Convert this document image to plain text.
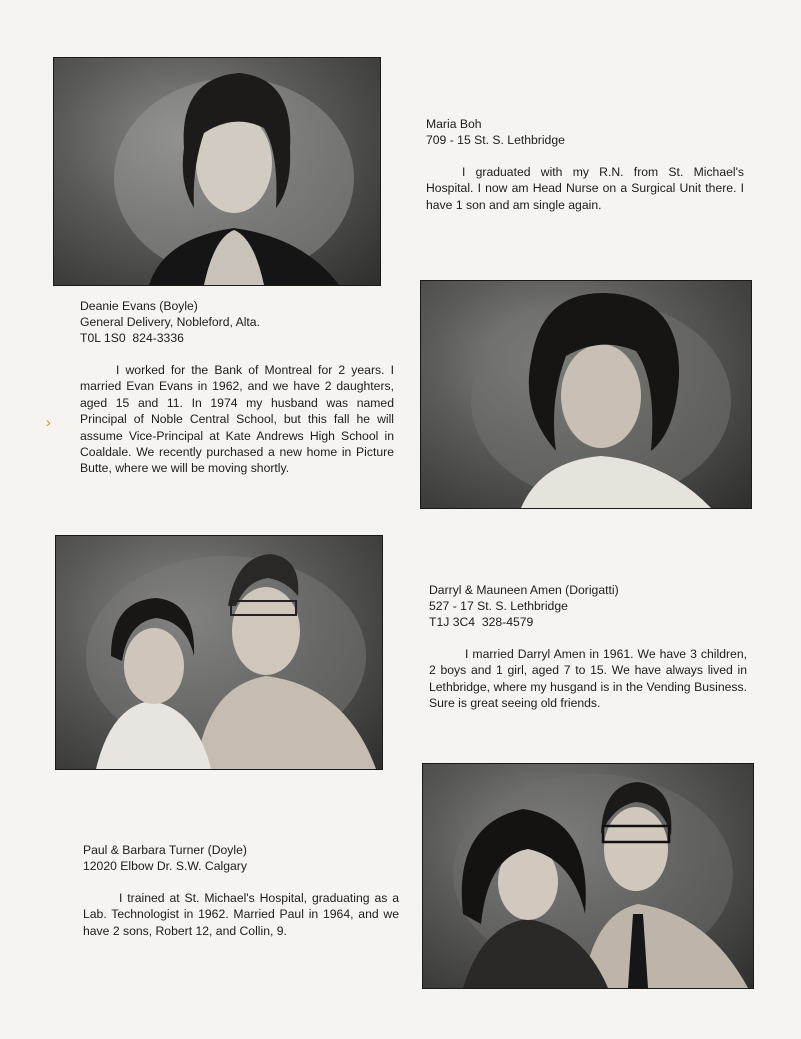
›
Maria Boh
709 - 15 St. S. Lethbridge
I graduated with my R.N. from St. Michael's Hospital. I now am Head Nurse on a Surgical Unit there. I have 1 son and am single again.
Deanie Evans (Boyle)
General Delivery, Nobleford, Alta.
T0L 1S0  824-3336
I worked for the Bank of Montreal for 2 years. I married Evan Evans in 1962, and we have 2 daughters, aged 15 and 11. In 1974 my husband was named Principal of Noble Central School, but this fall he will assume Vice-Principal at Kate Andrews High School in Coaldale. We recently purchased a new home in Picture Butte, where we will be moving shortly.
Darryl & Mauneen Amen (Dorigatti)
527 - 17 St. S. Lethbridge
T1J 3C4  328-4579
I married Darryl Amen in 1961. We have 3 children, 2 boys and 1 girl, aged 7 to 15. We have always lived in Lethbridge, where my husgand is in the Vending Business. Sure is great seeing old friends.
Paul & Barbara Turner (Doyle)
12020 Elbow Dr. S.W. Calgary
I trained at St. Michael's Hospital, graduating as a Lab. Technologist in 1962. Married Paul in 1964, and we have 2 sons, Robert 12, and Collin, 9.
